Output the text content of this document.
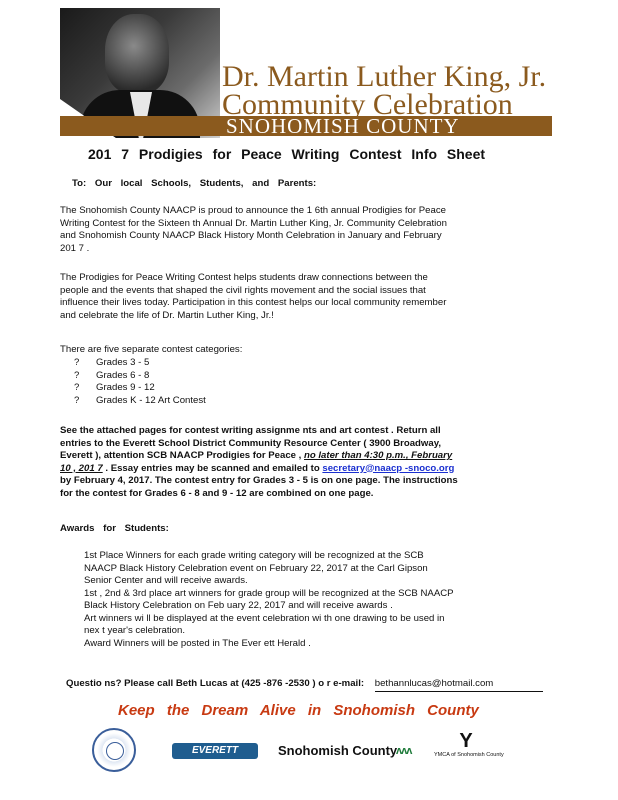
Dr. Martin Luther King, Jr.
Community Celebration
SNOHOMISH COUNTY
201 7 Prodigies for Peace Writing Contest Info Sheet
To: Our local Schools, Students, and Parents:
The Snohomish County NAACP is proud to announce the 1 6th annual Prodigies for Peace
Writing Contest for the Sixteen th Annual Dr. Martin Luther King, Jr. Community Celebration
and Snohomish County NAACP Black History Month Celebration in January and February
201 7 .
The Prodigies for Peace Writing Contest helps students draw connections between the
people and the events that shaped the civil rights movement and the social issues that
influence their lives today. Participation in this contest helps our local community remember
and celebrate the life of Dr. Martin Luther King, Jr.!
There are five separate contest categories:
? Grades 3 - 5
? Grades 6 - 8
? Grades 9 - 12
? Grades K - 12 Art Contest
See the attached pages for contest writing assignme nts and art contest . Return all
entries to the Everett School District Community Resource Center ( 3900 Broadway,
Everett ), attention SCB NAACP Prodigies for Peace , no later than 4:30 p.m., February
10 , 201 7 . Essay entries may be scanned and emailed to secretary@naacp -snoco.org
by February 4, 2017. The contest entry for Grades 3 - 5 is on one page. The instructions
for the contest for Grades 6 - 8 and 9 - 12 are combined on one page.
Awards for Students:
1st Place Winners for each grade writing category will be recognized at the SCB
NAACP Black History Celebration event on February 22, 2017 at the Carl Gipson
Senior Center and will receive awards.
1st , 2nd & 3rd place art winners for grade group will be recognized at the SCB NAACP
Black History Celebration on Feb uary 22, 2017 and will receive awards .
Art winners wi ll be displayed at the event celebration wi th one drawing to be used in
nex t year's celebration.
Award Winners will be posted in The Ever ett Herald .
Questio ns? Please call Beth Lucas at (425 -876 -2530 ) o r e-mail: bethannlucas@hotmail.com
Keep the Dream Alive in Snohomish County
EVERETT	Snohomish County
ʌʌʌ	Y
YMCA of Snohomish County
